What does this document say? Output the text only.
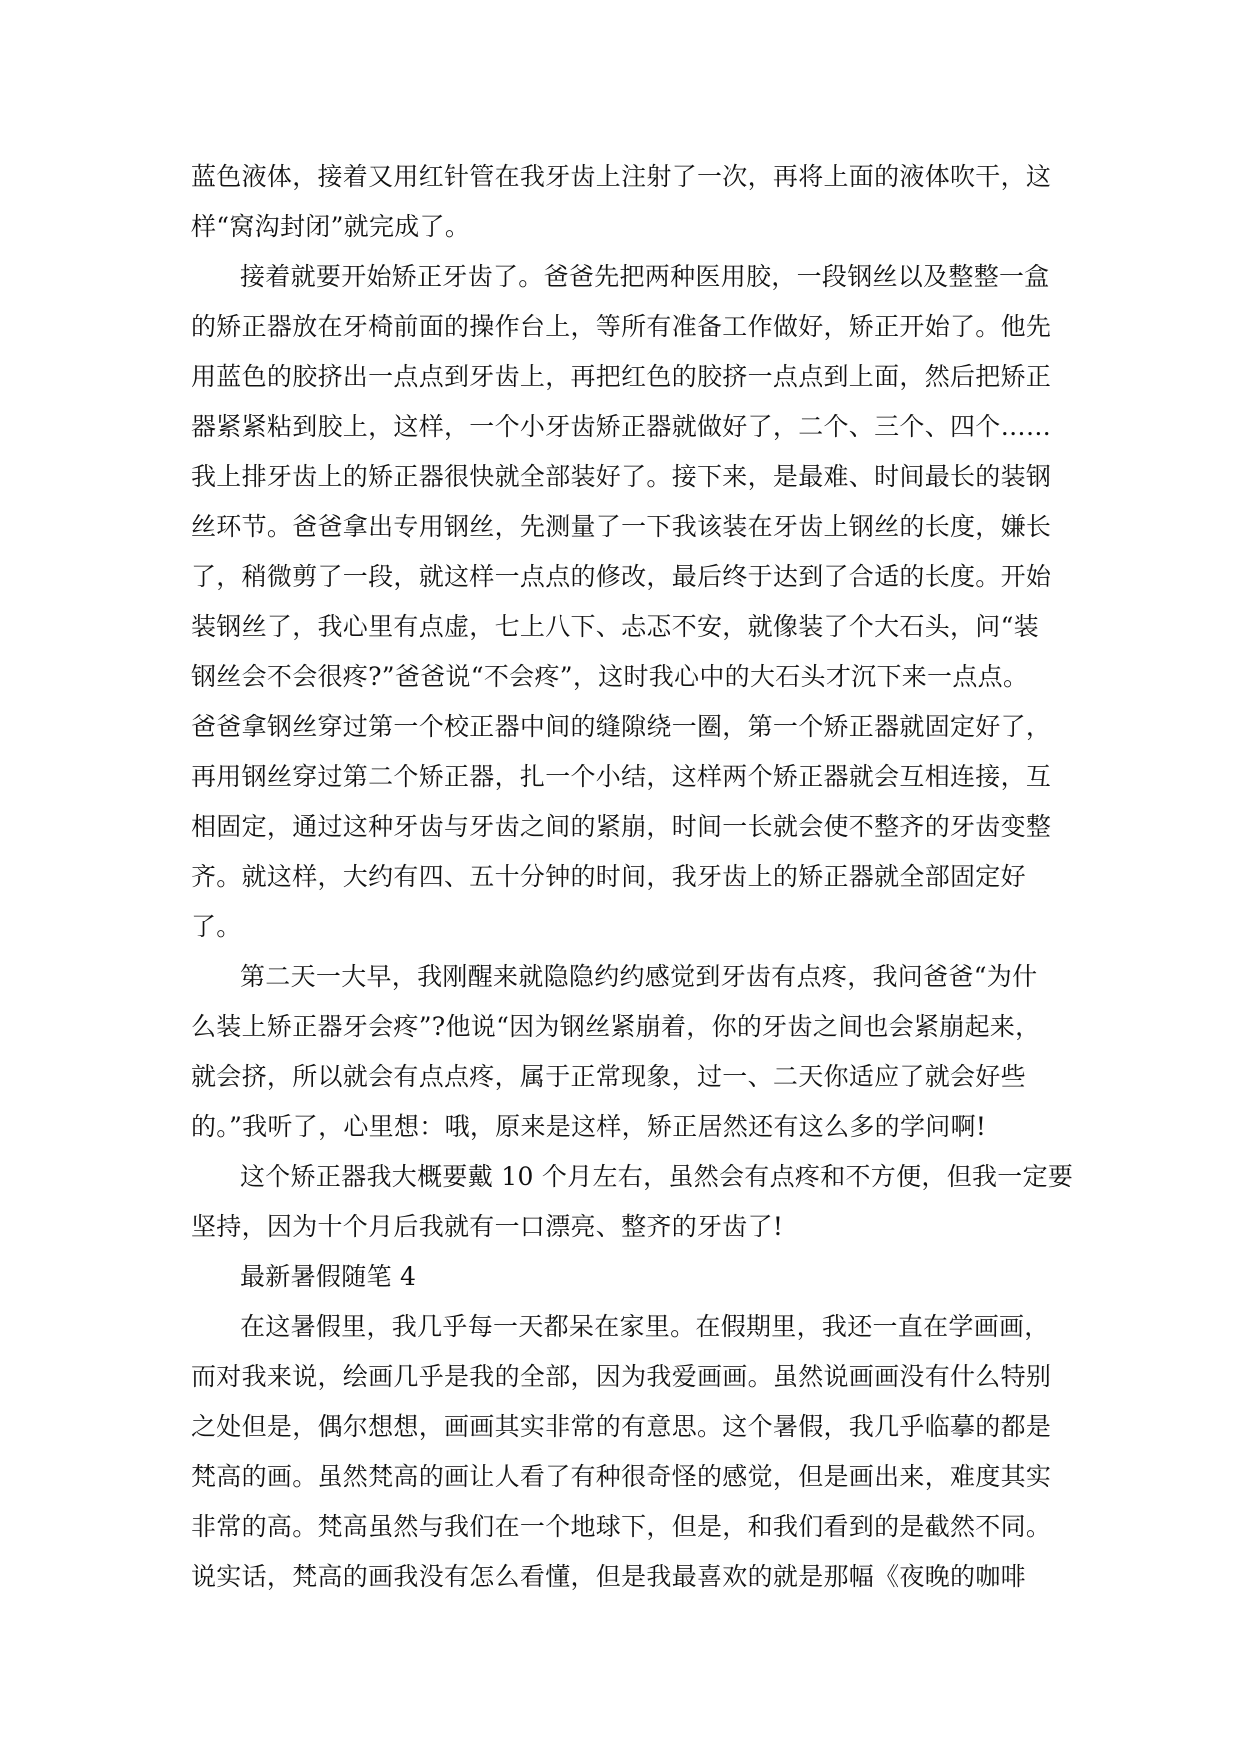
蓝色液体，接着又用红针管在我牙齿上注射了一次，再将上面的液体吹干，这
样“窝沟封闭”就完成了。
接着就要开始矫正牙齿了。爸爸先把两种医用胶，一段钢丝以及整整一盒
的矫正器放在牙椅前面的操作台上，等所有准备工作做好，矫正开始了。他先
用蓝色的胶挤出一点点到牙齿上，再把红色的胶挤一点点到上面，然后把矫正
器紧紧粘到胶上，这样，一个小牙齿矫正器就做好了，二个、三个、四个……
我上排牙齿上的矫正器很快就全部装好了。接下来，是最难、时间最长的装钢
丝环节。爸爸拿出专用钢丝，先测量了一下我该装在牙齿上钢丝的长度，嫌长
了，稍微剪了一段，就这样一点点的修改，最后终于达到了合适的长度。开始
装钢丝了，我心里有点虚，七上八下、忐忑不安，就像装了个大石头，问“装
钢丝会不会很疼?”爸爸说“不会疼”，这时我心中的大石头才沉下来一点点。
爸爸拿钢丝穿过第一个校正器中间的缝隙绕一圈，第一个矫正器就固定好了，
再用钢丝穿过第二个矫正器，扎一个小结，这样两个矫正器就会互相连接，互
相固定，通过这种牙齿与牙齿之间的紧崩，时间一长就会使不整齐的牙齿变整
齐。就这样，大约有四、五十分钟的时间，我牙齿上的矫正器就全部固定好
了。
第二天一大早，我刚醒来就隐隐约约感觉到牙齿有点疼，我问爸爸“为什
么装上矫正器牙会疼”?他说“因为钢丝紧崩着，你的牙齿之间也会紧崩起来，
就会挤，所以就会有点点疼，属于正常现象，过一、二天你适应了就会好些
的。”我听了，心里想：哦，原来是这样，矫正居然还有这么多的学问啊!
这个矫正器我大概要戴 10 个月左右，虽然会有点疼和不方便，但我一定要
坚持，因为十个月后我就有一口漂亮、整齐的牙齿了!
最新暑假随笔 4
在这暑假里，我几乎每一天都呆在家里。在假期里，我还一直在学画画，
而对我来说，绘画几乎是我的全部，因为我爱画画。虽然说画画没有什么特别
之处但是，偶尔想想，画画其实非常的有意思。这个暑假，我几乎临摹的都是
梵高的画。虽然梵高的画让人看了有种很奇怪的感觉，但是画出来，难度其实
非常的高。梵高虽然与我们在一个地球下，但是，和我们看到的是截然不同。
说实话，梵高的画我没有怎么看懂，但是我最喜欢的就是那幅《夜晚的咖啡
